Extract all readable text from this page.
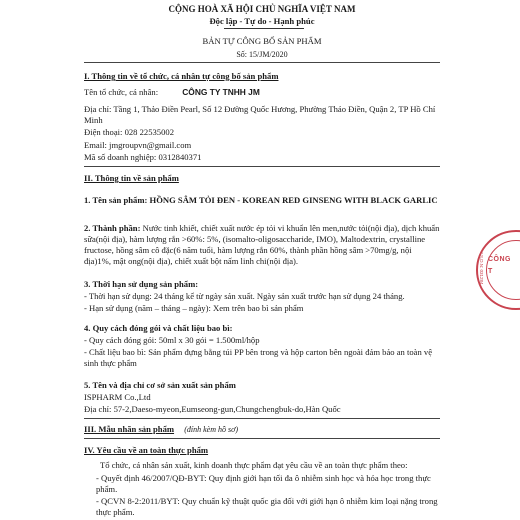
CỘNG HOÀ XÃ HỘI CHỦ NGHĨA VIỆT NAM
Độc lập - Tự do - Hạnh phúc
BẢN TỰ CÔNG BỐ SẢN PHẨM
Số: 15/JM/2020
I. Thông tin về tổ chức, cá nhân tự công bố sản phẩm
Tên tổ chức, cá nhân:	CÔNG TY TNHH JM
Địa chỉ: Tầng 1, Thảo Điền Pearl, Số 12 Đường Quốc Hương, Phường Thảo Điền, Quận 2, TP Hồ Chí Minh
Điện thoại: 028 22535002
Email: jmgroupvn@gmail.com
Mã số doanh nghiệp: 0312840371
II. Thông tin về sản phẩm
1. Tên sản phẩm: HỒNG SÂM TỎI ĐEN - KOREAN RED GINSENG WITH BLACK GARLIC
2. Thành phần: Nước tinh khiết, chiết xuất nước ép tỏi vi khuẩn lên men,nước tỏi(nội địa), dịch khuẩn sữa(nội địa), hàm lượng rắn >60%: 5%, (isomalto-oligosaccharide, IMO), Maltodextrin, crystalline fructose, hồng sâm cô đặc(6 năm tuổi, hàm lượng rắn 60%, thành phần hồng sâm >70mg/g, nội địa)1%, mật ong(nội địa), chiết xuất bột nấm linh chi(nội địa).
3. Thời hạn sử dụng sản phẩm:
- Thời hạn sử dụng: 24 tháng kể từ ngày sản xuất. Ngày sản xuất trước hạn sử dụng 24 tháng.
- Hạn sử dụng (năm – tháng – ngày): Xem trên bao bì sản phẩm
4. Quy cách đóng gói và chất liệu bao bì:
- Quy cách đóng gói: 50ml x 30 gói = 1.500ml/hộp
- Chất liệu bao bì: Sản phẩm đựng bằng túi PP bên trong và hộp carton bên ngoài đảm bảo an toàn vệ sinh thực phẩm
5. Tên và địa chỉ cơ sở sản xuất sản phẩm
ISPHARM Co.,Ltd
Địa chỉ: 57-2,Daeso-myeon,Eumseong-gun,Chungchengbuk-do,Hàn Quốc
III. Mẫu nhãn sản phẩm (đính kèm hồ sơ)
IV. Yêu cầu về an toàn thực phẩm
Tổ chức, cá nhân sản xuất, kinh doanh thực phẩm đạt yêu cầu về an toàn thực phẩm theo:
- Quyết định 46/2007/QĐ-BYT: Quy định giới hạn tối đa ô nhiễm sinh học và hóa học trong thực phẩm.
- QCVN 8-2:2011/BYT: Quy chuẩn kỹ thuật quốc gia đối với giới hạn ô nhiễm kim loại nặng trong thực phẩm.
M.S.D.N: 031284 CÔNG
T
